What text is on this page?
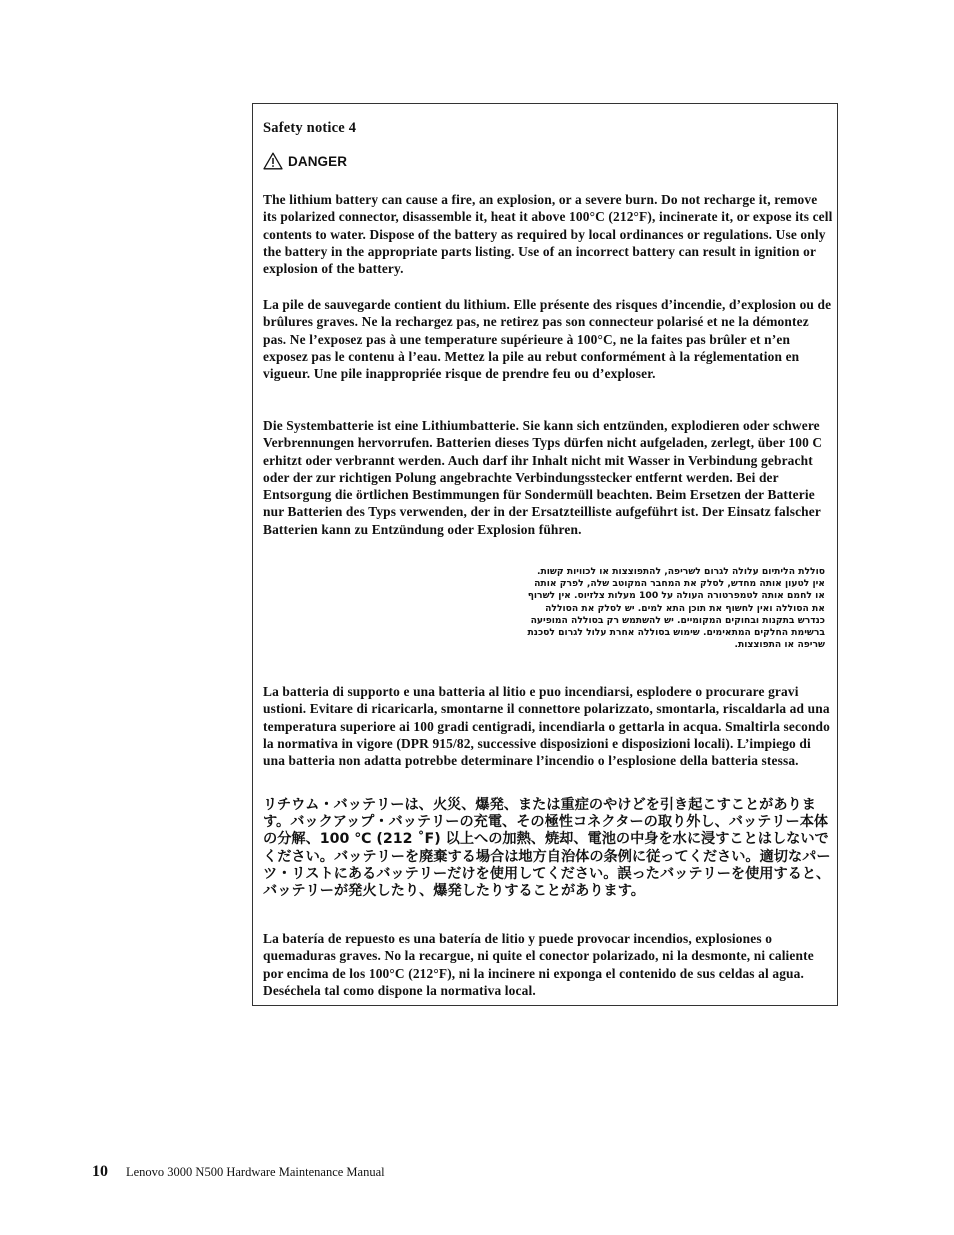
Safety notice 4
DANGER

The lithium battery can cause a fire, an explosion, or a severe burn. Do not recharge it, remove its polarized connector, disassemble it, heat it above 100°C (212°F), incinerate it, or expose its cell contents to water. Dispose of the battery as required by local ordinances or regulations. Use only the battery in the appropriate parts listing. Use of an incorrect battery can result in ignition or explosion of the battery.

La pile de sauvegarde contient du lithium. Elle présente des risques d’incendie, d’explosion ou de brûlures graves. Ne la rechargez pas, ne retirez pas son connecteur polarisé et ne la démontez pas. Ne l’exposez pas à une temperature supérieure à 100°C, ne la faites pas brûler et n’en exposez pas le contenu à l’eau. Mettez la pile au rebut conformément à la réglementation en vigueur. Une pile inappropriée risque de prendre feu ou d’exploser.

Die Systembatterie ist eine Lithiumbatterie. Sie kann sich entzünden, explodieren oder schwere Verbrennungen hervorrufen. Batterien dieses Typs dürfen nicht aufgeladen, zerlegt, über 100 C erhitzt oder verbrannt werden. Auch darf ihr Inhalt nicht mit Wasser in Verbindung gebracht oder der zur richtigen Polung angebrachte Verbindungsstecker entfernt werden. Bei der Entsorgung die örtlichen Bestimmungen für Sondermüll beachten. Beim Ersetzen der Batterie nur Batterien des Typs verwenden, der in der Ersatzteilliste aufgeführt ist. Der Einsatz falscher Batterien kann zu Entzündung oder Explosion führen.

סוללת הליתיום עלולה לגרום לשריפה, להתפוצצות או לכוויות קשות. אין לטעון אותה מחדש, לסלק את המחבר המקוטב שלה, לפרק אותה או לחמם אותה לטמפרטורה העולה על 100 מעלות צלזיוס. אין לשרוף את הסוללה ואין לחשוף את תוכן התא למים. יש לסלק את הסוללה כנדרש בתקנות ובחוקים המקומיים. יש להשתמש רק בסוללה המופיעה ברשימת החלקים המתאימים. שימוש בסוללה אחרת עלול לגרום לסכנת שריפה או התפוצצות.

La batteria di supporto e una batteria al litio e puo incendiarsi, esplodere o procurare gravi ustioni. Evitare di ricaricarla, smontarne il connettore polarizzato, smontarla, riscaldarla ad una temperatura superiore ai 100 gradi centigradi, incendiarla o gettarla in acqua. Smaltirla secondo la normativa in vigore (DPR 915/82, successive disposizioni e disposizioni locali). L’impiego di una batteria non adatta potrebbe determinare l’incendio o l’esplosione della batteria stessa.

リチウム・バッテリーは、火災、爆発、または重症のやけどを引き起こすことがあります。バックアップ・バッテリーの充電、その極性コネクターの取り外し、バッテリー本体の分解、100 ℃ (212 ˚F) 以上への加熱、焼却、電池の中身を水に浸すことはしないでください。バッテリーを廃棄する場合は地方自治体の条例に従ってください。適切なパーツ・リストにあるバッテリーだけを使用してください。誤ったバッテリーを使用すると、バッテリーが発火したり、爆発したりすることがあります。

La batería de repuesto es una batería de litio y puede provocar incendios, explosiones o quemaduras graves. No la recargue, ni quite el conector polarizado, ni la desmonte, ni caliente por encima de los 100°C (212°F), ni la incinere ni exponga el contenido de sus celdas al agua. Deséchela tal como dispone la normativa local.

10 Lenovo 3000 N500 Hardware Maintenance Manual
